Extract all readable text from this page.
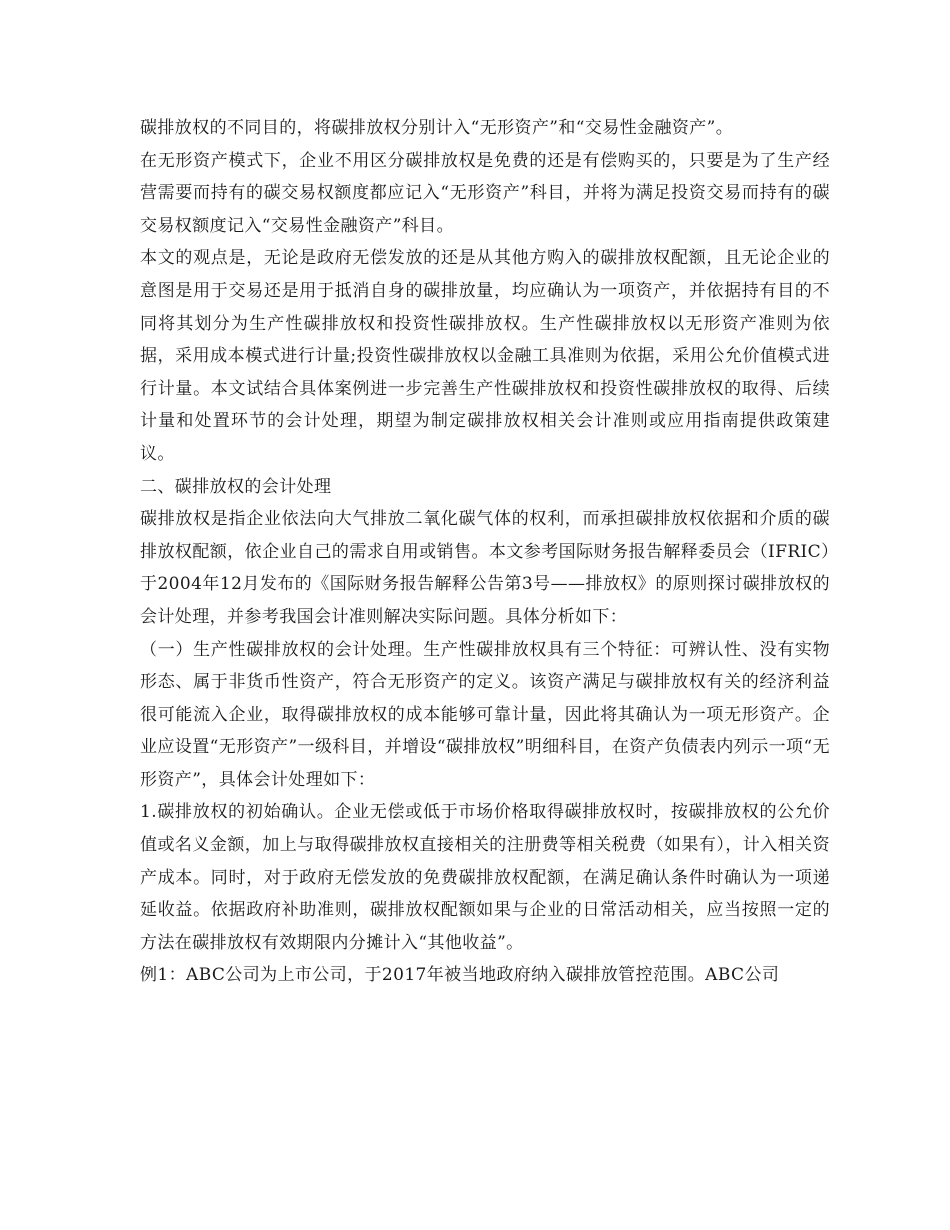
碳排放权的不同目的，将碳排放权分别计入“无形资产”和“交易性金融资产”。

在无形资产模式下，企业不用区分碳排放权是免费的还是有偿购买的，只要是为了生产经营需要而持有的碳交易权额度都应记入“无形资产”科目，并将为满足投资交易而持有的碳交易权额度记入“交易性金融资产”科目。

本文的观点是，无论是政府无偿发放的还是从其他方购入的碳排放权配额，且无论企业的意图是用于交易还是用于抵消自身的碳排放量，均应确认为一项资产，并依据持有目的不同将其划分为生产性碳排放权和投资性碳排放权。生产性碳排放权以无形资产准则为依据，采用成本模式进行计量;投资性碳排放权以金融工具准则为依据，采用公允价值模式进行计量。本文试结合具体案例进一步完善生产性碳排放权和投资性碳排放权的取得、后续计量和处置环节的会计处理，期望为制定碳排放权相关会计准则或应用指南提供政策建议。

二、碳排放权的会计处理

碳排放权是指企业依法向大气排放二氧化碳气体的权利，而承担碳排放权依据和介质的碳排放权配额，依企业自己的需求自用或销售。本文参考国际财务报告解释委员会（IFRIC）于2004年12月发布的《国际财务报告解释公告第3号——排放权》的原则探讨碳排放权的会计处理，并参考我国会计准则解决实际问题。具体分析如下：

（一）生产性碳排放权的会计处理。生产性碳排放权具有三个特征：可辨认性、没有实物形态、属于非货币性资产，符合无形资产的定义。该资产满足与碳排放权有关的经济利益很可能流入企业，取得碳排放权的成本能够可靠计量，因此将其确认为一项无形资产。企业应设置“无形资产”一级科目，并增设“碳排放权”明细科目，在资产负债表内列示一项“无形资产”，具体会计处理如下：

1.碳排放权的初始确认。企业无偿或低于市场价格取得碳排放权时，按碳排放权的公允价值或名义金额，加上与取得碳排放权直接相关的注册费等相关税费（如果有），计入相关资产成本。同时，对于政府无偿发放的免费碳排放权配额，在满足确认条件时确认为一项递延收益。依据政府补助准则，碳排放权配额如果与企业的日常活动相关，应当按照一定的方法在碳排放权有效期限内分摊计入“其他收益”。

例1：ABC公司为上市公司，于2017年被当地政府纳入碳排放管控范围。ABC公司
